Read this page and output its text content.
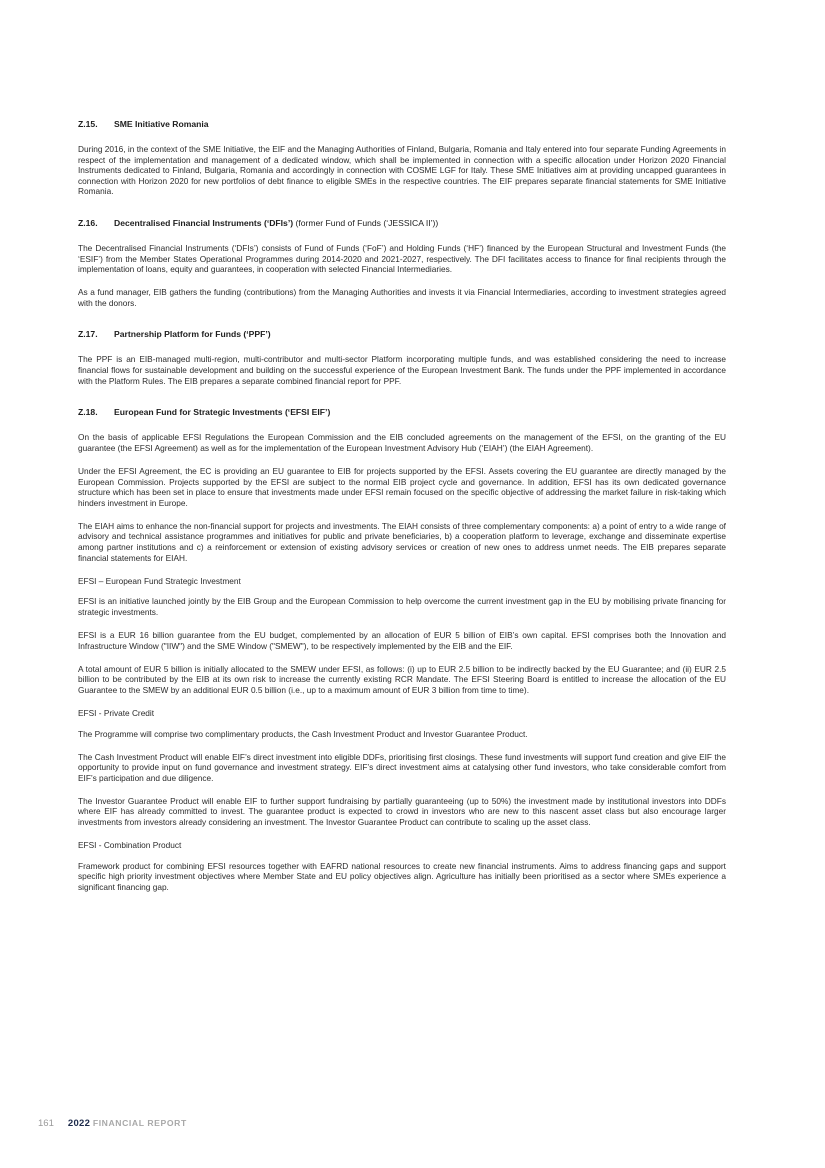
Z.15. SME Initiative Romania

During 2016, in the context of the SME Initiative, the EIF and the Managing Authorities of Finland, Bulgaria, Romania and Italy entered into four separate Funding Agreements in respect of the implementation and management of a dedicated window, which shall be implemented in connection with a specific allocation under Horizon 2020 Financial Instruments dedicated to Finland, Bulgaria, Romania and accordingly in connection with COSME LGF for Italy. These SME Initiatives aim at providing uncapped guarantees in connection with Horizon 2020 for new portfolios of debt finance to eligible SMEs in the respective countries. The EIF prepares separate financial statements for SME Initiative Romania.

Z.16. Decentralised Financial Instruments (‘DFIs’) (former Fund of Funds (‘JESSICA II’))

The Decentralised Financial Instruments (‘DFIs’) consists of Fund of Funds (‘FoF’) and Holding Funds (‘HF’) financed by the European Structural and Investment Funds (the ‘ESIF’) from the Member States Operational Programmes during 2014-2020 and 2021-2027, respectively. The DFI facilitates access to finance for final recipients through the implementation of loans, equity and guarantees, in cooperation with selected Financial Intermediaries.

As a fund manager, EIB gathers the funding (contributions) from the Managing Authorities and invests it via Financial Intermediaries, according to investment strategies agreed with the donors.

Z.17. Partnership Platform for Funds (‘PPF’)

The PPF is an EIB-managed multi-region, multi-contributor and multi-sector Platform incorporating multiple funds, and was established considering the need to increase financial flows for sustainable development and building on the successful experience of the European Investment Bank. The funds under the PPF implemented in accordance with the Platform Rules. The EIB prepares a separate combined financial report for PPF.

Z.18. European Fund for Strategic Investments (‘EFSI EIF’)

On the basis of applicable EFSI Regulations the European Commission and the EIB concluded agreements on the management of the EFSI, on the granting of the EU guarantee (the EFSI Agreement) as well as for the implementation of the European Investment Advisory Hub (‘EIAH’) (the EIAH Agreement).

Under the EFSI Agreement, the EC is providing an EU guarantee to EIB for projects supported by the EFSI. Assets covering the EU guarantee are directly managed by the European Commission. Projects supported by the EFSI are subject to the normal EIB project cycle and governance. In addition, EFSI has its own dedicated governance structure which has been set in place to ensure that investments made under EFSI remain focused on the specific objective of addressing the market failure in risk-taking which hinders investment in Europe.

The EIAH aims to enhance the non-financial support for projects and investments. The EIAH consists of three complementary components: a) a point of entry to a wide range of advisory and technical assistance programmes and initiatives for public and private beneficiaries, b) a cooperation platform to leverage, exchange and disseminate expertise among partner institutions and c) a reinforcement or extension of existing advisory services or creation of new ones to address unmet needs. The EIB prepares separate financial statements for EIAH.

EFSI – European Fund Strategic Investment

EFSI is an initiative launched jointly by the EIB Group and the European Commission to help overcome the current investment gap in the EU by mobilising private financing for strategic investments.

EFSI is a EUR 16 billion guarantee from the EU budget, complemented by an allocation of EUR 5 billion of EIB’s own capital. EFSI comprises both the Innovation and Infrastructure Window ("IIW") and the SME Window ("SMEW"), to be respectively implemented by the EIB and the EIF.

A total amount of EUR 5 billion is initially allocated to the SMEW under EFSI, as follows: (i) up to EUR 2.5 billion to be indirectly backed by the EU Guarantee; and (ii) EUR 2.5 billion to be contributed by the EIB at its own risk to increase the currently existing RCR Mandate. The EFSI Steering Board is entitled to increase the allocation of the EU Guarantee to the SMEW by an additional EUR 0.5 billion (i.e., up to a maximum amount of EUR 3 billion from time to time).

EFSI - Private Credit

The Programme will comprise two complimentary products, the Cash Investment Product and Investor Guarantee Product.

The Cash Investment Product will enable EIF’s direct investment into eligible DDFs, prioritising first closings. These fund investments will support fund creation and give EIF the opportunity to provide input on fund governance and investment strategy. EIF’s direct investment aims at catalysing other fund investors, who take considerable comfort from EIF’s participation and due diligence.

The Investor Guarantee Product will enable EIF to further support fundraising by partially guaranteeing (up to 50%) the investment made by institutional investors into DDFs where EIF has already committed to invest. The guarantee product is expected to crowd in investors who are new to this nascent asset class but also encourage larger investments from investors already considering an investment. The Investor Guarantee Product can contribute to scaling up the asset class.

EFSI - Combination Product

Framework product for combining EFSI resources together with EAFRD national resources to create new financial instruments. Aims to address financing gaps and support specific high priority investment objectives where Member State and EU policy objectives align. Agriculture has initially been prioritised as a sector where SMEs experience a significant financing gap.

161 2022 FINANCIAL REPORT
